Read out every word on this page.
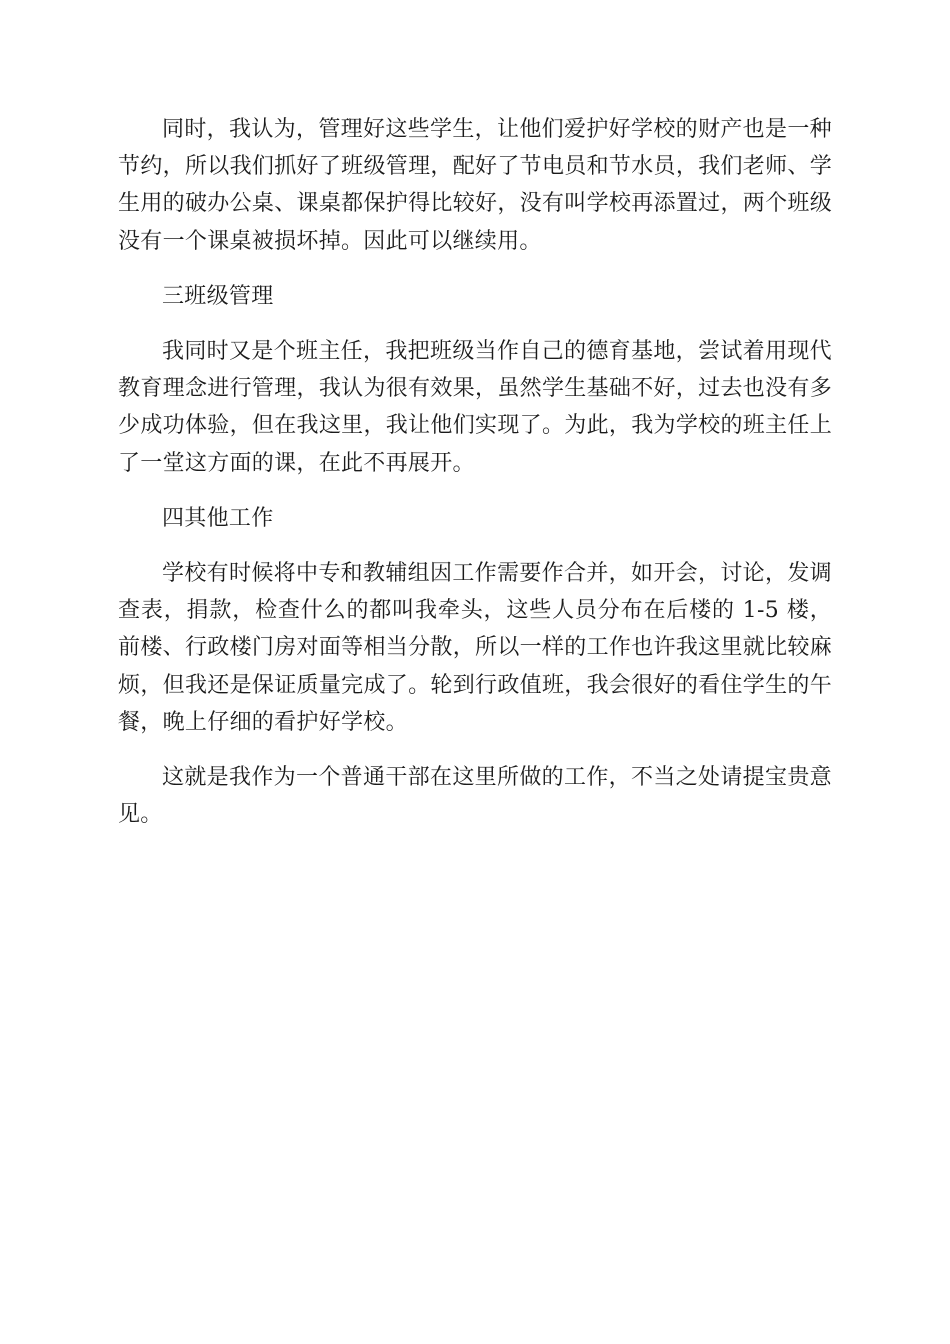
同时，我认为，管理好这些学生，让他们爱护好学校的财产也是一种节约，所以我们抓好了班级管理，配好了节电员和节水员，我们老师、学生用的破办公桌、课桌都保护得比较好，没有叫学校再添置过，两个班级没有一个课桌被损坏掉。因此可以继续用。

三班级管理

我同时又是个班主任，我把班级当作自己的德育基地，尝试着用现代教育理念进行管理，我认为很有效果，虽然学生基础不好，过去也没有多少成功体验，但在我这里，我让他们实现了。为此，我为学校的班主任上了一堂这方面的课，在此不再展开。

四其他工作

学校有时候将中专和教辅组因工作需要作合并，如开会，讨论，发调查表，捐款，检查什么的都叫我牵头，这些人员分布在后楼的 1-5 楼，前楼、行政楼门房对面等相当分散，所以一样的工作也许我这里就比较麻烦，但我还是保证质量完成了。轮到行政值班，我会很好的看住学生的午餐，晚上仔细的看护好学校。

这就是我作为一个普通干部在这里所做的工作，不当之处请提宝贵意见。
